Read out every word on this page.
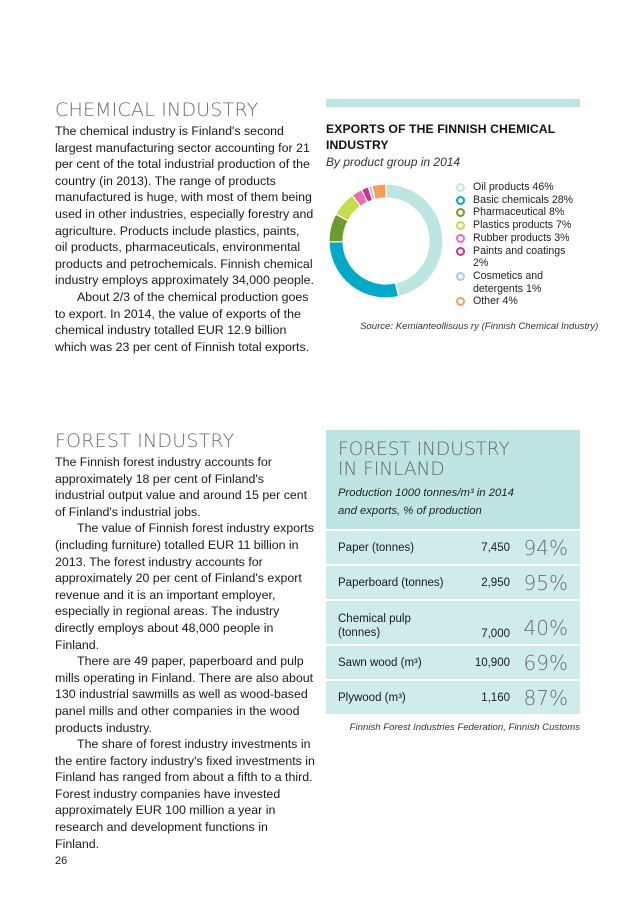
CHEMICAL INDUSTRY

The chemical industry is Finland's second largest manufacturing sector accounting for 21 per cent of the total industrial production of the country (in 2013). The range of products manufactured is huge, with most of them being used in other industries, especially forestry and agriculture. Products include plastics, paints, oil products, pharmaceuticals, environmental products and petrochemicals. Finnish chemical industry employs approximately 34,000 people.

About 2/3 of the chemical production goes to export. In 2014, the value of exports of the chemical industry totalled EUR 12.9 billion which was 23 per cent of Finnish total exports.

EXPORTS OF THE FINNISH CHEMICAL INDUSTRY
By product group in 2014
Oil products 46%
Basic chemicals 28%
Pharmaceutical 8%
Plastics products 7%
Rubber products 3%
Paints and coatings 2%
Cosmetics and detergents 1%
Other 4%
Source: Kemianteollisuus ry (Finnish Chemical Industry)
FOREST INDUSTRY

The Finnish forest industry accounts for approximately 18 per cent of Finland's industrial output value and around 15 per cent of Finland's industrial jobs.

The value of Finnish forest industry exports (including furniture) totalled EUR 11 billion in 2013. The forest industry accounts for approximately 20 per cent of Finland's export revenue and it is an important employer, especially in regional areas. The industry directly employs about 48,000 people in Finland.

There are 49 paper, paperboard and pulp mills operating in Finland. There are also about 130 industrial sawmills as well as wood-based panel mills and other companies in the wood products industry.

The share of forest industry investments in the entire factory industry's fixed investments in Finland has ranged from about a fifth to a third. Forest industry companies have invested approximately EUR 100 million a year in research and development functions in Finland.

FOREST INDUSTRY
IN FINLAND
Production 1000 tonnes/m³ in 2014
and exports, % of production
Paper (tonnes)	7,450 94%
Paperboard (tonnes)	2,950 95%
Chemical pulp (tonnes)	7,000 40%
Sawn wood (m³)	10,900 69%
Plywood (m³)	1,160 87%
Finnish Forest Industries Federation, Finnish Customs
26
